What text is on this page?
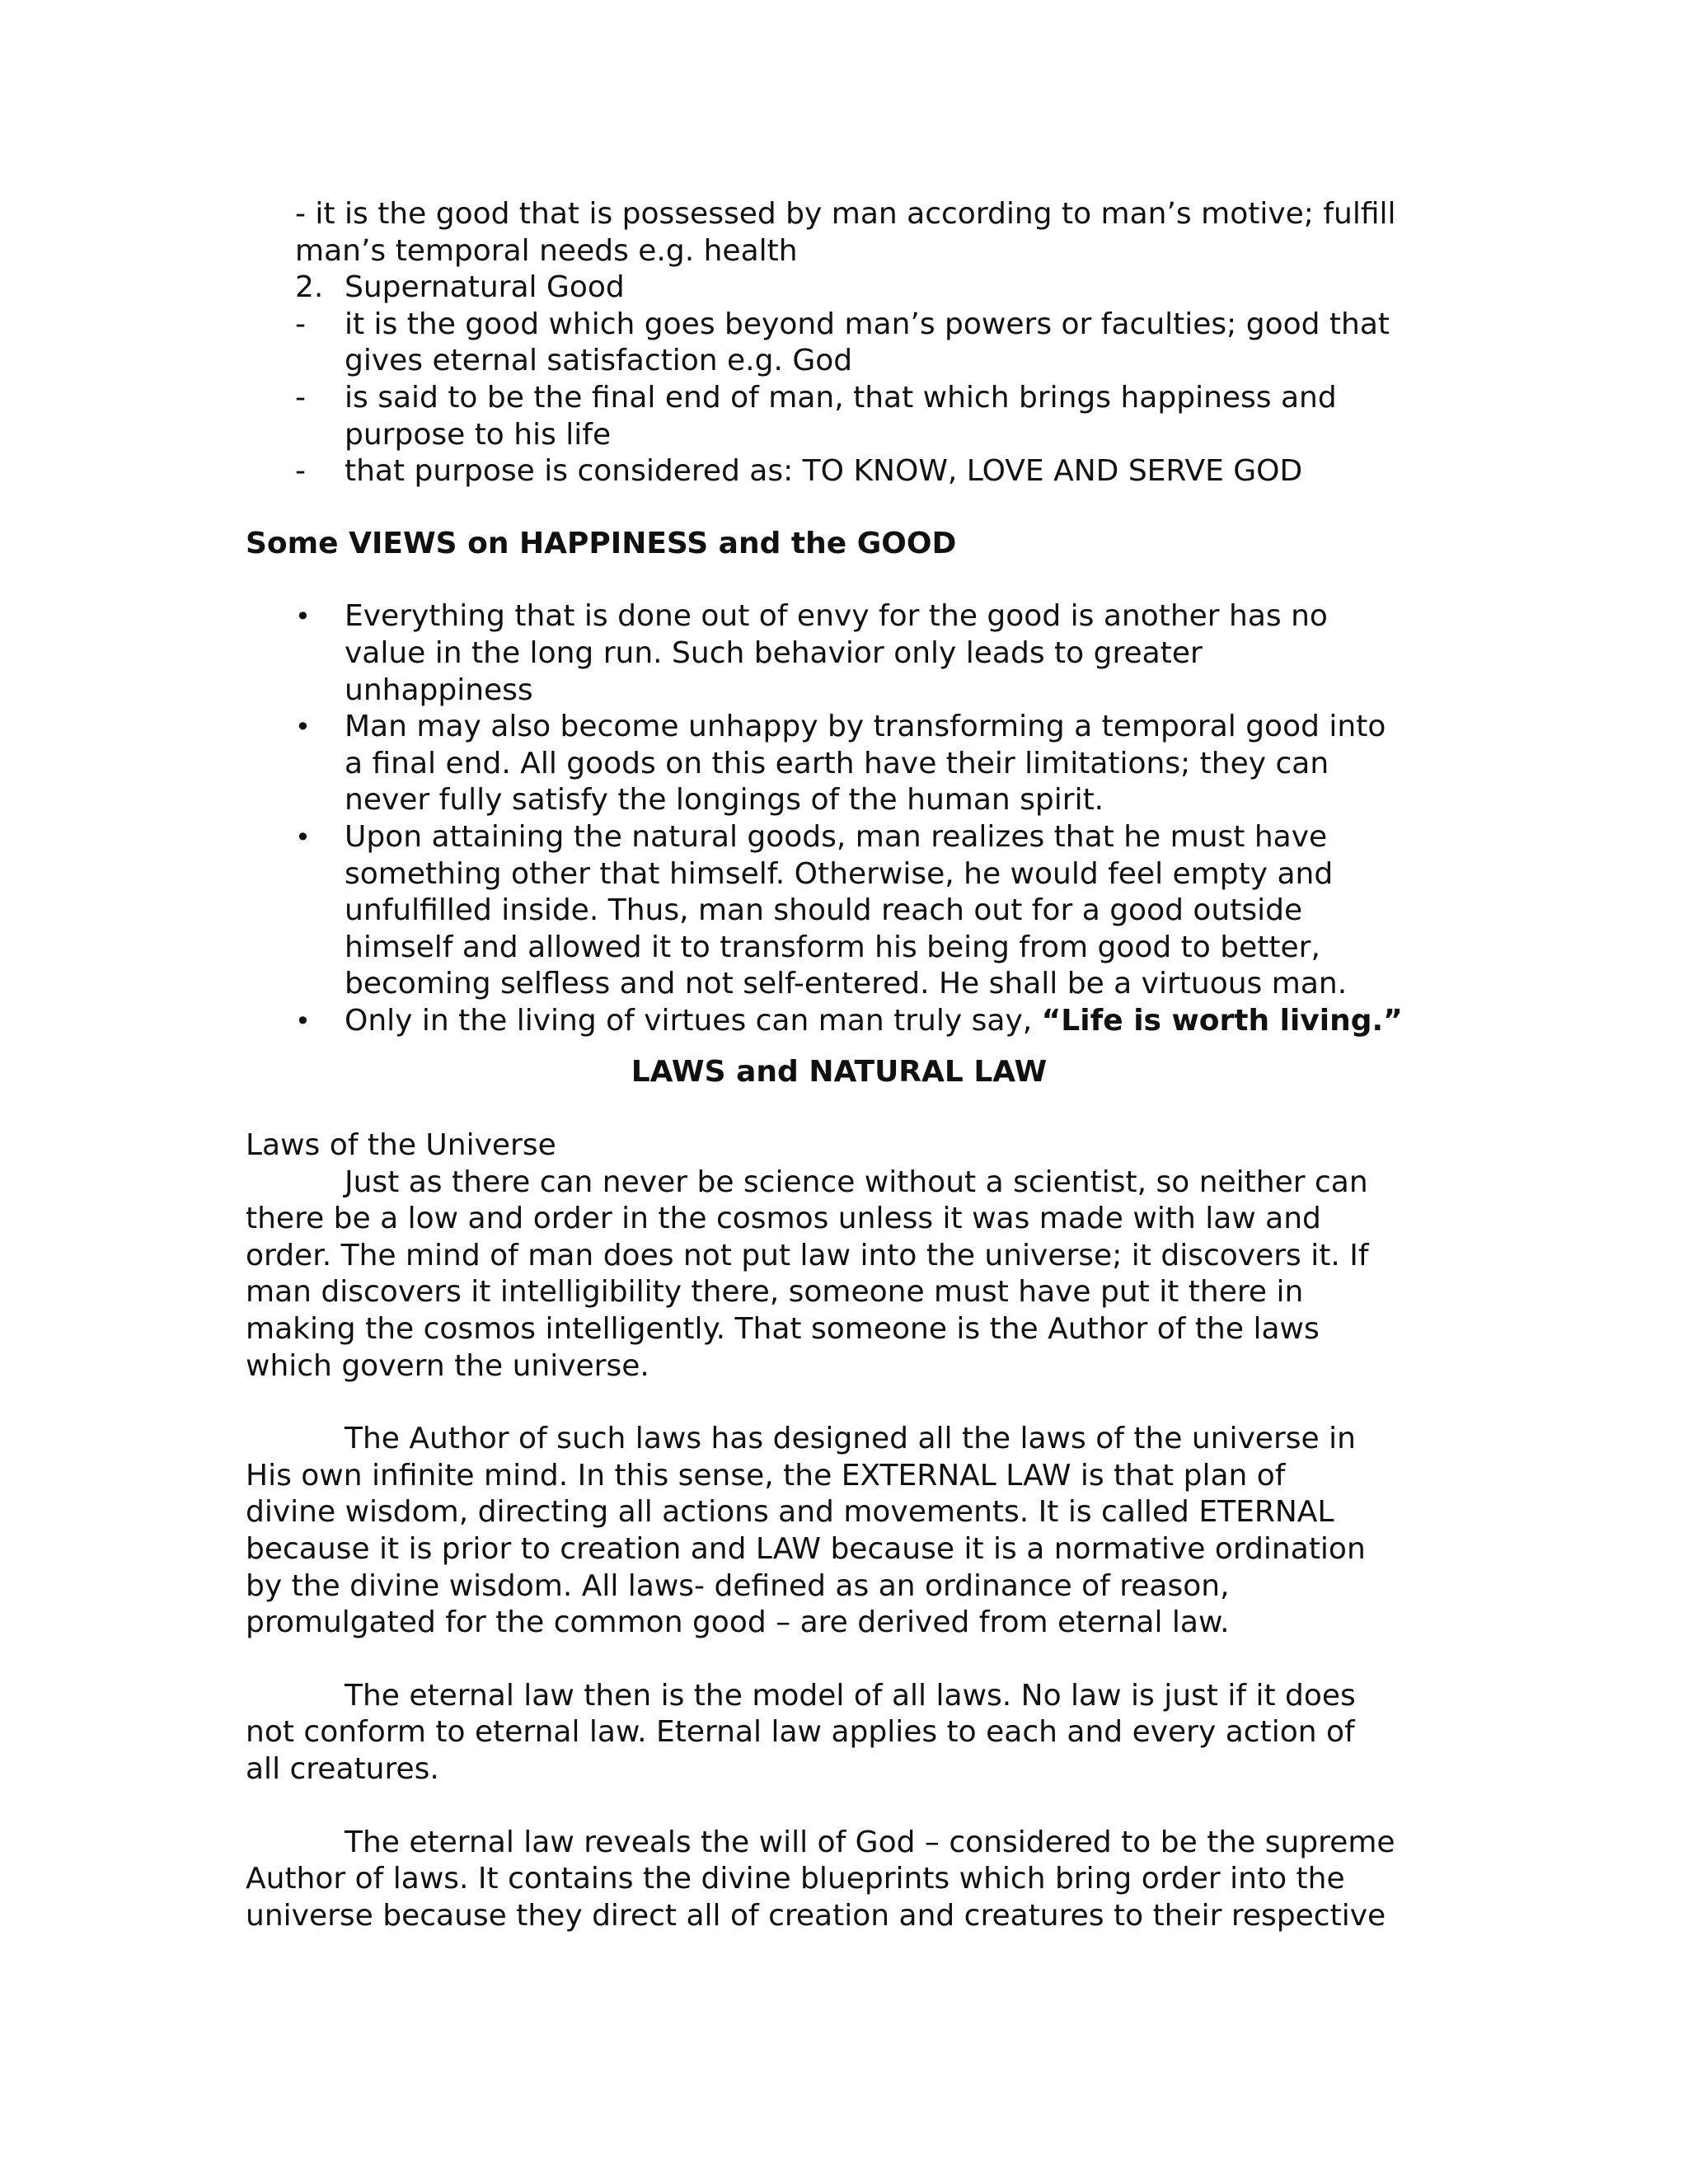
- it is the good that is possessed by man according to man’s motive; fulfill
man’s temporal needs e.g. health
2. Supernatural Good
-	it is the good which goes beyond man’s powers or faculties; good that
gives eternal satisfaction e.g. God
-	is said to be the final end of man, that which brings happiness and
purpose to his life
-	that purpose is considered as: TO KNOW, LOVE AND SERVE GOD
Some VIEWS on HAPPINESS and the GOOD
•	Everything that is done out of envy for the good is another has no
value in the long run. Such behavior only leads to greater
unhappiness
•	Man may also become unhappy by transforming a temporal good into
a final end. All goods on this earth have their limitations; they can
never fully satisfy the longings of the human spirit.
•	Upon attaining the natural goods, man realizes that he must have
something other that himself. Otherwise, he would feel empty and
unfulfilled inside. Thus, man should reach out for a good outside
himself and allowed it to transform his being from good to better,
becoming selfless and not self-entered. He shall be a virtuous man.
•	Only in the living of virtues can man truly say, “Life is worth living.”
LAWS and NATURAL LAW
Laws of the Universe
Just as there can never be science without a scientist, so neither can
there be a low and order in the cosmos unless it was made with law and
order. The mind of man does not put law into the universe; it discovers it. If
man discovers it intelligibility there, someone must have put it there in
making the cosmos intelligently. That someone is the Author of the laws
which govern the universe.
The Author of such laws has designed all the laws of the universe in
His own infinite mind. In this sense, the EXTERNAL LAW is that plan of
divine wisdom, directing all actions and movements. It is called ETERNAL
because it is prior to creation and LAW because it is a normative ordination
by the divine wisdom. All laws- defined as an ordinance of reason,
promulgated for the common good – are derived from eternal law.
The eternal law then is the model of all laws. No law is just if it does
not conform to eternal law. Eternal law applies to each and every action of
all creatures.
The eternal law reveals the will of God – considered to be the supreme
Author of laws. It contains the divine blueprints which bring order into the
universe because they direct all of creation and creatures to their respective
